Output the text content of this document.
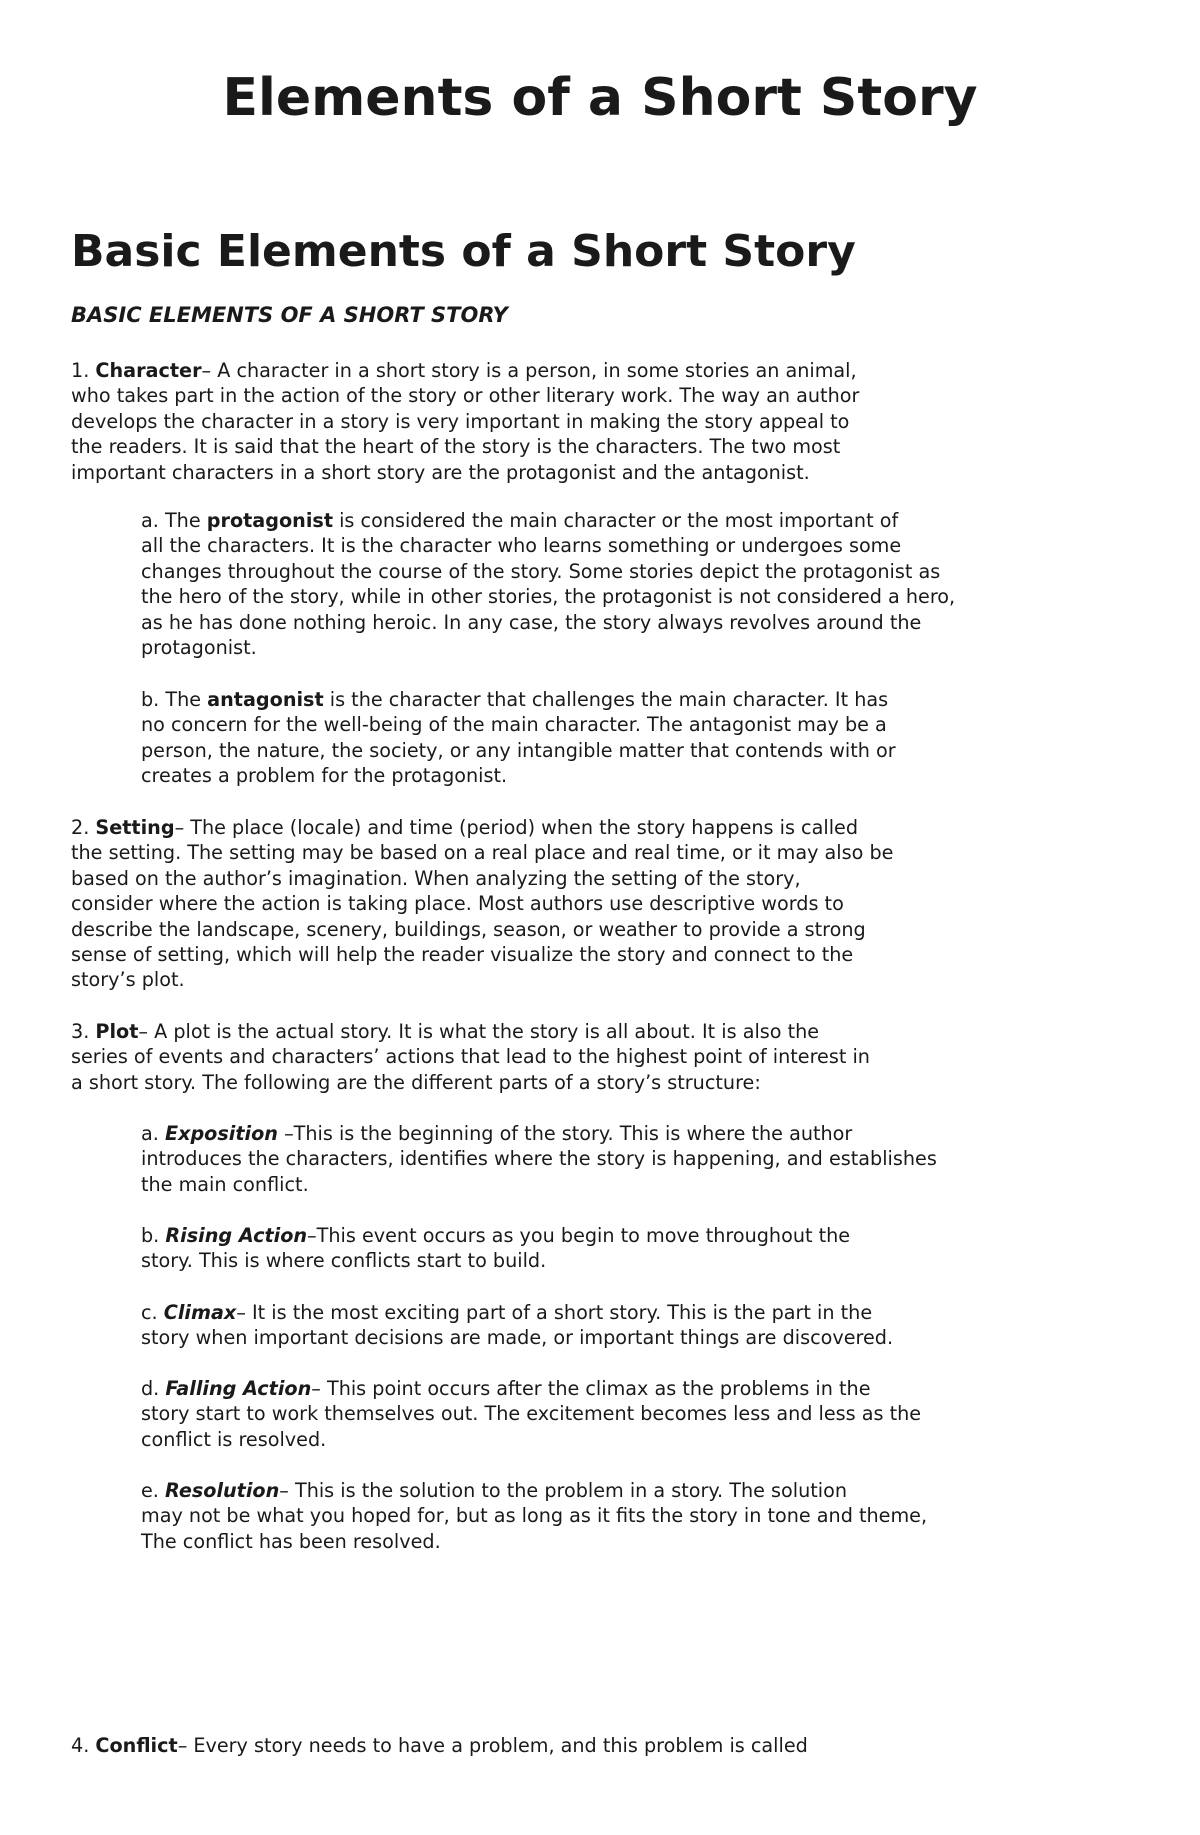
Elements of a Short Story
Basic Elements of a Short Story
BASIC ELEMENTS OF A SHORT STORY

1. Character– A character in a short story is a person, in some stories an animal,
who takes part in the action of the story or other literary work. The way an author
develops the character in a story is very important in making the story appeal to
the readers. It is said that the heart of the story is the characters. The two most
important characters in a short story are the protagonist and the antagonist.

a. The protagonist is considered the main character or the most important of
all the characters. It is the character who learns something or undergoes some
changes throughout the course of the story. Some stories depict the protagonist as
the hero of the story, while in other stories, the protagonist is not considered a hero,
as he has done nothing heroic. In any case, the story always revolves around the
protagonist.

b. The antagonist is the character that challenges the main character. It has
no concern for the well-being of the main character. The antagonist may be a
person, the nature, the society, or any intangible matter that contends with or
creates a problem for the protagonist.

2. Setting– The place (locale) and time (period) when the story happens is called
the setting. The setting may be based on a real place and real time, or it may also be
based on the author’s imagination. When analyzing the setting of the story,
consider where the action is taking place. Most authors use descriptive words to
describe the landscape, scenery, buildings, season, or weather to provide a strong
sense of setting, which will help the reader visualize the story and connect to the
story’s plot.

3. Plot– A plot is the actual story. It is what the story is all about. It is also the
series of events and characters’ actions that lead to the highest point of interest in
a short story. The following are the different parts of a story’s structure:

a. Exposition –This is the beginning of the story. This is where the author
introduces the characters, identifies where the story is happening, and establishes
the main conflict.

b. Rising Action–This event occurs as you begin to move throughout the
story. This is where conflicts start to build.

c. Climax– It is the most exciting part of a short story. This is the part in the
story when important decisions are made, or important things are discovered.

d. Falling Action– This point occurs after the climax as the problems in the
story start to work themselves out. The excitement becomes less and less as the
conflict is resolved.

e. Resolution– This is the solution to the problem in a story. The solution
may not be what you hoped for, but as long as it fits the story in tone and theme,
The conflict has been resolved.

4. Conflict– Every story needs to have a problem, and this problem is called
